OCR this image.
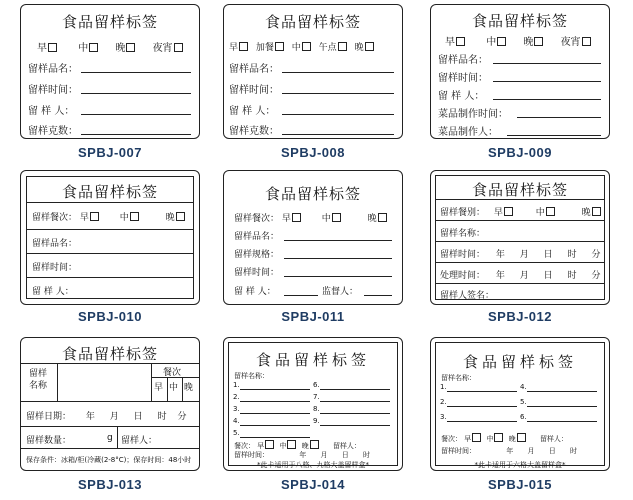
食品留样标签
早	中	晚	夜宵
留样品名：
留样时间：
留 样 人：
留样克数：
SPBJ-007
食品留样标签
早 加餐 中 午点 晚
留样品名：
留样时间：
留 样 人：
留样克数：
SPBJ-008
食品留样标签
早	中	晚	夜宵
留样品名：
留样时间：
留 样 人：
菜品制作时间：
菜品制作人：
SPBJ-009
食品留样标签
留样餐次： 早	中	晚
留样品名：
留样时间：
留 样 人：
SPBJ-010
食品留样标签
留样餐次： 早	中	晚
留样品名：
留样规格：
留样时间：
留 样 人：	监督人：
SPBJ-011
食品留样标签
留样餐别： 早	中	晚
留样名称：
留样时间： 年 月 日 时 分
处理时间： 年 月 日 时 分
留样人签名：
SPBJ-012
食品留样标签
留样
名称
餐次
早 中 晚
留样日期： 年 月 日 时 分
留样数量：	g 留样人：
保存条件：冰箱/柜(冷藏(2-8°C)；保存时间：48小时
SPBJ-013
食品留样标签
留样名称：
1.
2.
3.
4.
5.
6.
7.
8.
9.
餐次： 早 中 晚	留样人：
留样时间：	年 月 日 时
*此卡适用于八格、九格大盖留样盒*
SPBJ-014
食品留样标签
留样名称：
1.
2.
3.
4.
5.
6.
餐次： 早 中 晚	留样人：
留样时间：	年 月 日 时
*此卡适用于六格大盖留样盒*
SPBJ-015
